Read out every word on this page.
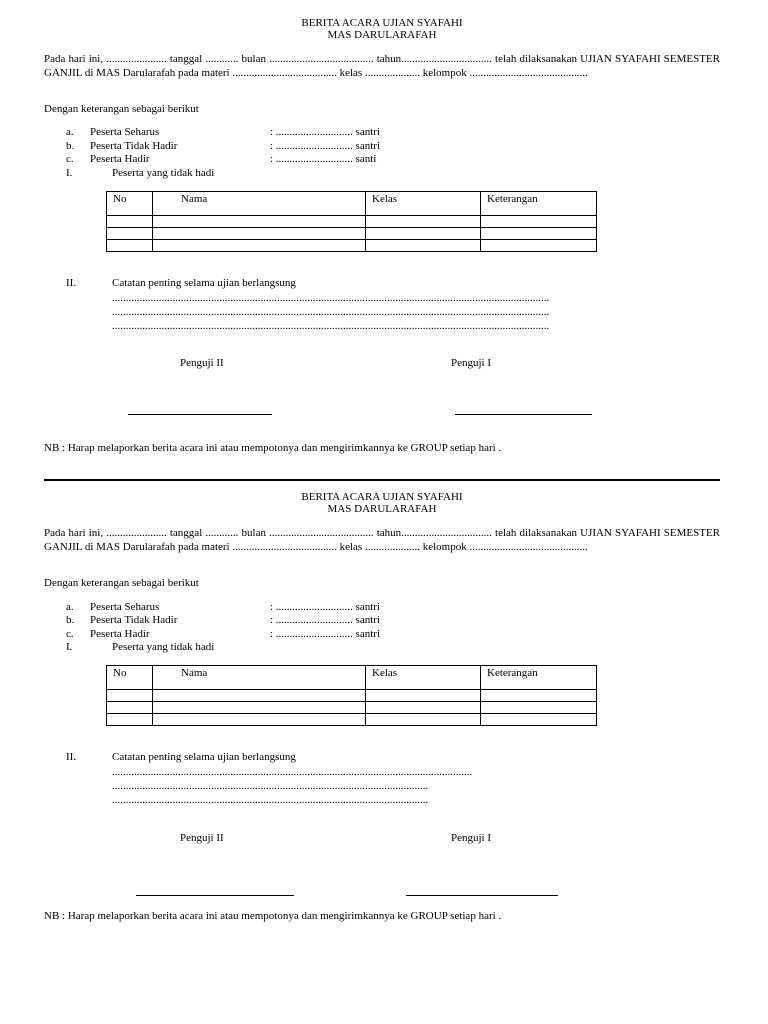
BERITA ACARA UJIAN SYAFAHI
MAS DARULARAFAH

Pada hari ini, ...................... tanggal ............ bulan ...................................... tahun................................. telah dilaksanakan UJIAN SYAFAHI SEMESTER GANJIL di MAS Darularafah pada materi ...................................... kelas .................... kelompok ...........................................

Dengan keterangan sebagai berikut
a. Peserta Seharus	: ............................ santri
b. Peserta Tidak Hadir	: ............................ santri
c. Peserta Hadir	: ............................ santi
I.	Peserta yang tidak hadi
No	Nama	Kelas	Keterangan

II.	Catatan penting selama ujian berlangsung
...............................................................................................................................................................
...............................................................................................................................................................
...............................................................................................................................................................
Penguji II	Penguji I
NB : Harap melaporkan berita acara ini atau mempotonya dan mengirimkannya ke GROUP setiap hari .
BERITA ACARA UJIAN SYAFAHI
MAS DARULARAFAH

Pada hari ini, ...................... tanggal ............ bulan ...................................... tahun................................. telah dilaksanakan UJIAN SYAFAHI SEMESTER GANJIL di MAS Darularafah pada materi ...................................... kelas .................... kelompok ...........................................

Dengan keterangan sebagai berikut
a. Peserta Seharus	: ............................ santri
b. Peserta Tidak Hadir	: ............................ santri
c. Peserta Hadir	: ............................ santri
I.	Peserta yang tidak hadi
No	Nama	Kelas	Keterangan

II.	Catatan penting selama ujian berlangsung
...................................................................................................................................
...................................................................................................................
...................................................................................................................
Penguji II	Penguji I
NB : Harap melaporkan berita acara ini atau mempotonya dan mengirimkannya ke GROUP setiap hari .
